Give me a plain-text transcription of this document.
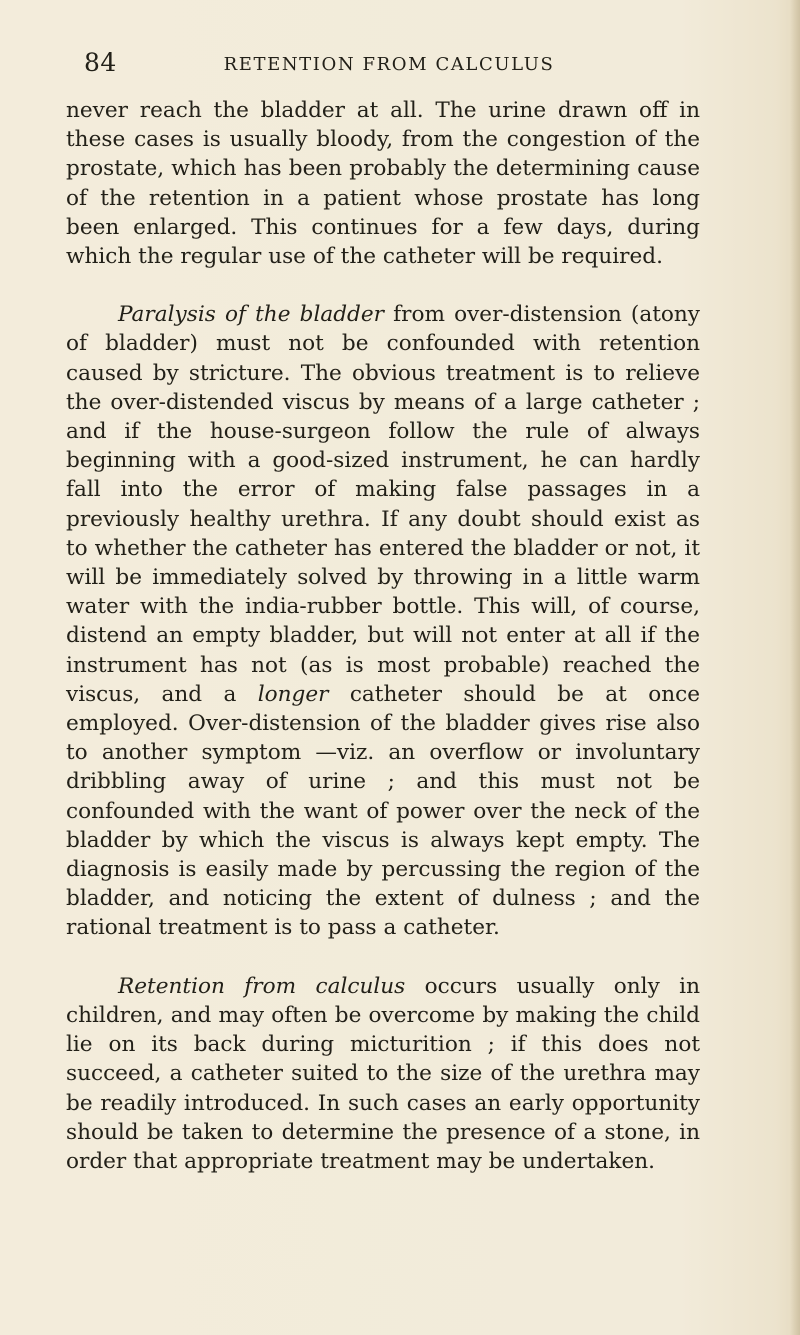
84	RETENTION FROM CALCULUS

never reach the bladder at all. The urine drawn off in these cases is usually bloody, from the congestion of the prostate, which has been probably the determining cause of the retention in a patient whose prostate has long been enlarged. This continues for a few days, during which the regular use of the catheter will be required.

Paralysis of the bladder from over-distension (atony of bladder) must not be confounded with retention caused by stricture. The obvious treatment is to relieve the over-distended viscus by means of a large catheter ; and if the house-surgeon follow the rule of always beginning with a good-sized instrument, he can hardly fall into the error of making false passages in a previously healthy urethra. If any doubt should exist as to whether the catheter has entered the bladder or not, it will be immediately solved by throwing in a little warm water with the india-rubber bottle. This will, of course, distend an empty bladder, but will not enter at all if the instrument has not (as is most probable) reached the viscus, and a longer catheter should be at once employed. Over-distension of the bladder gives rise also to another symptom —viz. an overflow or involuntary dribbling away of urine ; and this must not be confounded with the want of power over the neck of the bladder by which the viscus is always kept empty. The diagnosis is easily made by percussing the region of the bladder, and noticing the extent of dulness ; and the rational treatment is to pass a catheter.

Retention from calculus occurs usually only in children, and may often be overcome by making the child lie on its back during micturition ; if this does not succeed, a catheter suited to the size of the urethra may be readily introduced. In such cases an early opportunity should be taken to determine the presence of a stone, in order that appropriate treatment may be undertaken.
